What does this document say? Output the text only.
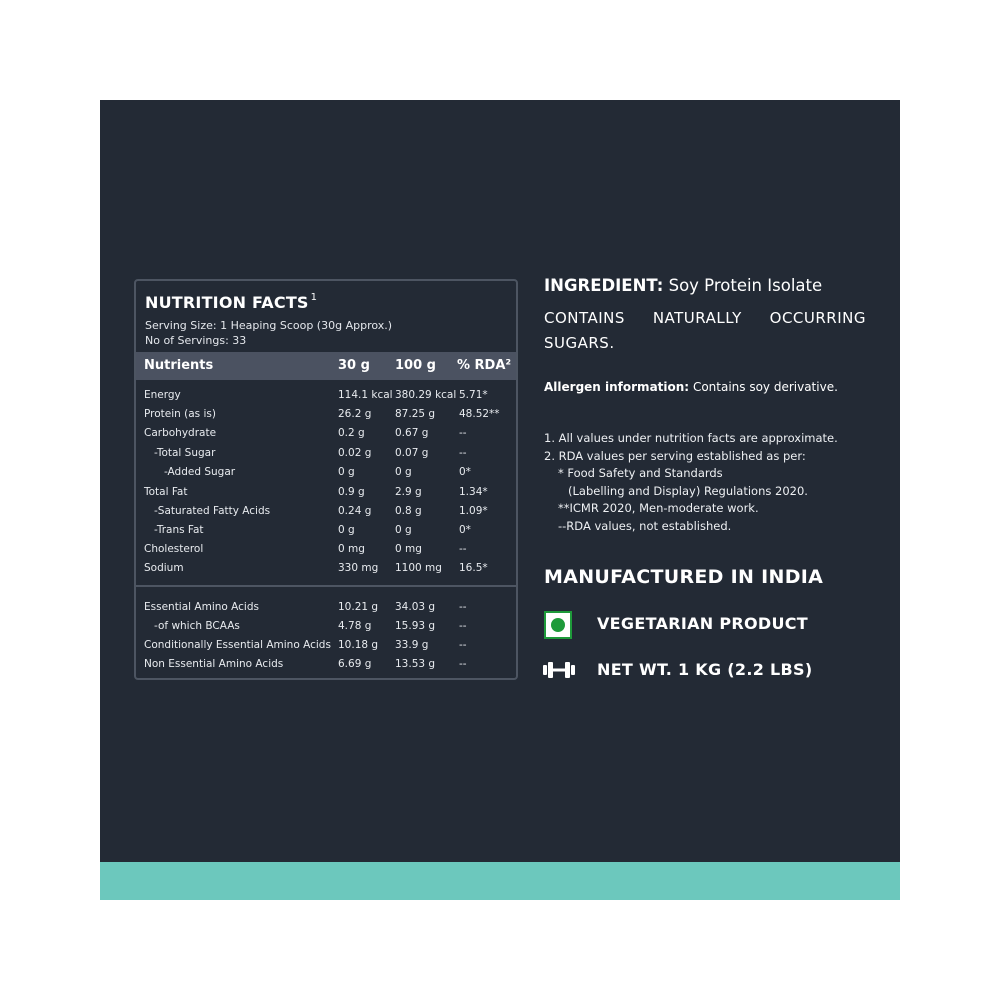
NUTRITION FACTS $^1$
Serving Size: 1 Heaping Scoop (30g Approx.)
No of Servings: 33
Nutrients	30 g 100 g % RDA²
Energy	114.1 kcal 380.29 kcal 5.71*
Protein (as is)	26.2 g 87.25 g 48.52**
Carbohydrate	0.2 g	0.67 g	--
-Total Sugar	0.02 g 0.07 g	--
-Added Sugar	0 g	0 g	0*
Total Fat	0.9 g	2.9 g	1.34*
-Saturated Fatty Acids	0.24 g 0.8 g	1.09*
-Trans Fat	0 g	0 g	0*
Cholesterol	0 mg	0 mg	--
Sodium	330 mg 1100 mg 16.5*
Essential Amino Acids	10.21 g 34.03 g --
-of which BCAAs	4.78 g 15.93 g --
Conditionally Essential Amino Acids 10.18 g 33.9 g	--
Non Essential Amino Acids	6.69 g 13.53 g --
INGREDIENT: Soy Protein Isolate
CONTAINS NATURALLY OCCURRING SUGARS.
Allergen information: Contains soy derivative.
1. All values under nutrition facts are approximate.
2. RDA values per serving established as per:
* Food Safety and Standards
(Labelling and Display) Regulations 2020.
**ICMR 2020, Men-moderate work.
--RDA values, not established.
MANUFACTURED IN INDIA
VEGETARIAN PRODUCT
NET WT. 1 KG (2.2 LBS)
